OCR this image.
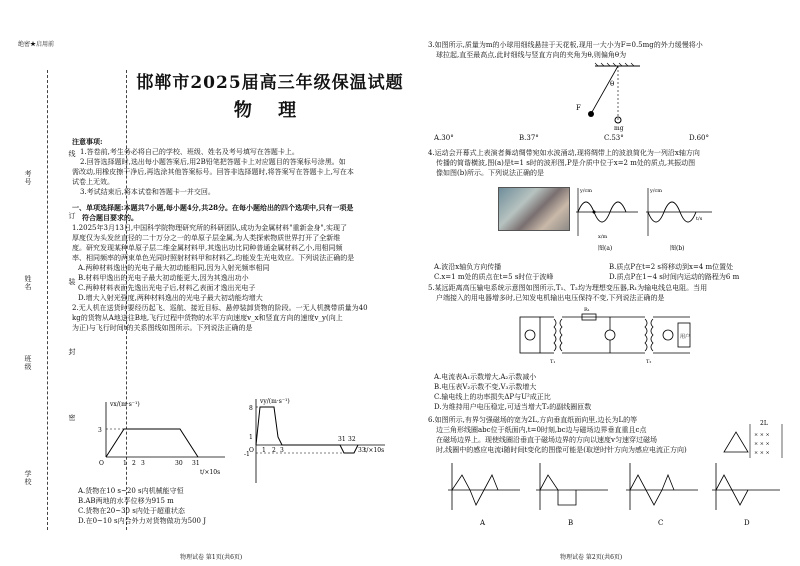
绝密★启用前
考号
姓名
班级
学校
线
订
装
封
密
邯郸市2025届高三年级保温试题
物 理
注意事项:
1.答卷前,考生务必将自己的学校、班级、姓名及考号填写在答题卡上。
2.回答选择题时,选出每小题答案后,用2B铅笔把答题卡上对应题目的答案标号涂黑。如
需改动,用橡皮擦干净后,再选涂其他答案标号。回答非选择题时,将答案写在答题卡上,写在本
试卷上无效。
3.考试结束后,将本试卷和答题卡一并交回。
一、单项选择题:本题共7小题,每小题4分,共28分。在每小题给出的四个选项中,只有一项是
符合题目要求的。
1.2025年3月13日,中国科学院物理研究所的科研团队,成功为金属材料"重新金身",实现了
厚度仅为头发丝直径的二十万分之一的单原子层金属,为人类探索物质世界打开了全新维
度。研究发现某种单原子层二维金属材料甲,其逸出功比同种普通金属材料乙小,用相同频
率、相同频率的两束单色光同时照射材料甲和材料乙,均能发生光电效应。下列说法正确的是
A.两种材料逸出的光电子最大初动能相同,因为入射光频率相同
B.材料甲逸出的光电子最大初动能更大,因为其逸出功小
C.两种材料表面先逸出光电子后,材料乙表面才逸出光电子
D.增大入射光强度,两种材料逸出的光电子最大初动能均增大
2.无人机在送货时要经历起飞、巡航、接近目标、悬停装卸货物的阶段。一无人机携带质量为40
kg的货物从A地送往B地,飞行过程中货物的水平方向速度v_x和竖直方向的速度v_y(向上
为正)与飞行时间t的关系图线如图所示。下列说法正确的是
vx/(m·s⁻¹)
3
O	1 2 3	30 31
t/×10s
vy/(m·s⁻¹)
8
1
-1
O 1 2 3
31 32
33
t/×10s
A.货物在10 s~20 s内机械能守恒
B.AB两地的水平位移为915 m
C.货物在20~30 s内处于超重状态
D.在0~10 s内合外力对货物做功为500 J
物理试卷 第1页(共6页)
3.如图所示,质量为m的小球用细线悬挂于天花板,现用一大小为F=0.5mg的外力缓慢将小
球拉起,直至最高点,此时细线与竖直方向的夹角为θ,则偏角θ为
θ
F
mg
A.30°	B.37°	C.53°	D.60°
4.运动会开幕式上表演者舞动绸带宛如水波涌动,现将绸带上的波浪简化为一列沿x轴方向
传播的简谐横波,图(a)是t=1 s时的波形图,P是介质中位于x=2 m处的质点,其振动图
像如图(b)所示。下列说法正确的是
y/cm
x/m
图(a)
y/cm
t/s
图(b)
A.波沿x轴负方向传播	B.质点P在t=2 s将移动到x=4 m位置处
C.x=1 m处的质点在t=5 s时位于波峰	D.质点P在1~4 s时间内运动的路程为6 m
5.某远距离高压输电系统示意图如图所示,T₁、T₂均为理想变压器,R₁为输电线总电阻。当用
户端接入的用电器增多时,已知发电机输出电压保持不变,下列说法正确的是
R₁
T₁	T₂
用户
A.电流表A₁示数增大,A₂示数减小
B.电压表V₂示数不变,V₃示数增大
C.输电线上的功率损失ΔP与U²成正比
D.为维持用户电压稳定,可适当增大T₂的副线圈匝数
6.如图所示,有界匀强磁场的宽为2L,方向垂直纸面向里,边长为L的等
边三角形线圈abc位于纸面内,t=0时刻,bc边与磁场边界垂直重且c点
在磁场边界上。现使线圈沿垂直于磁场边界的方向以速度v匀速穿过磁场
时,线圈中的感应电流i随时间t变化的图像可能是(取逆时针方向为感应电流正方向)
2L
× × ×
× × ×
× × ×
A	B	C	D
物理试卷 第2页(共6页)
